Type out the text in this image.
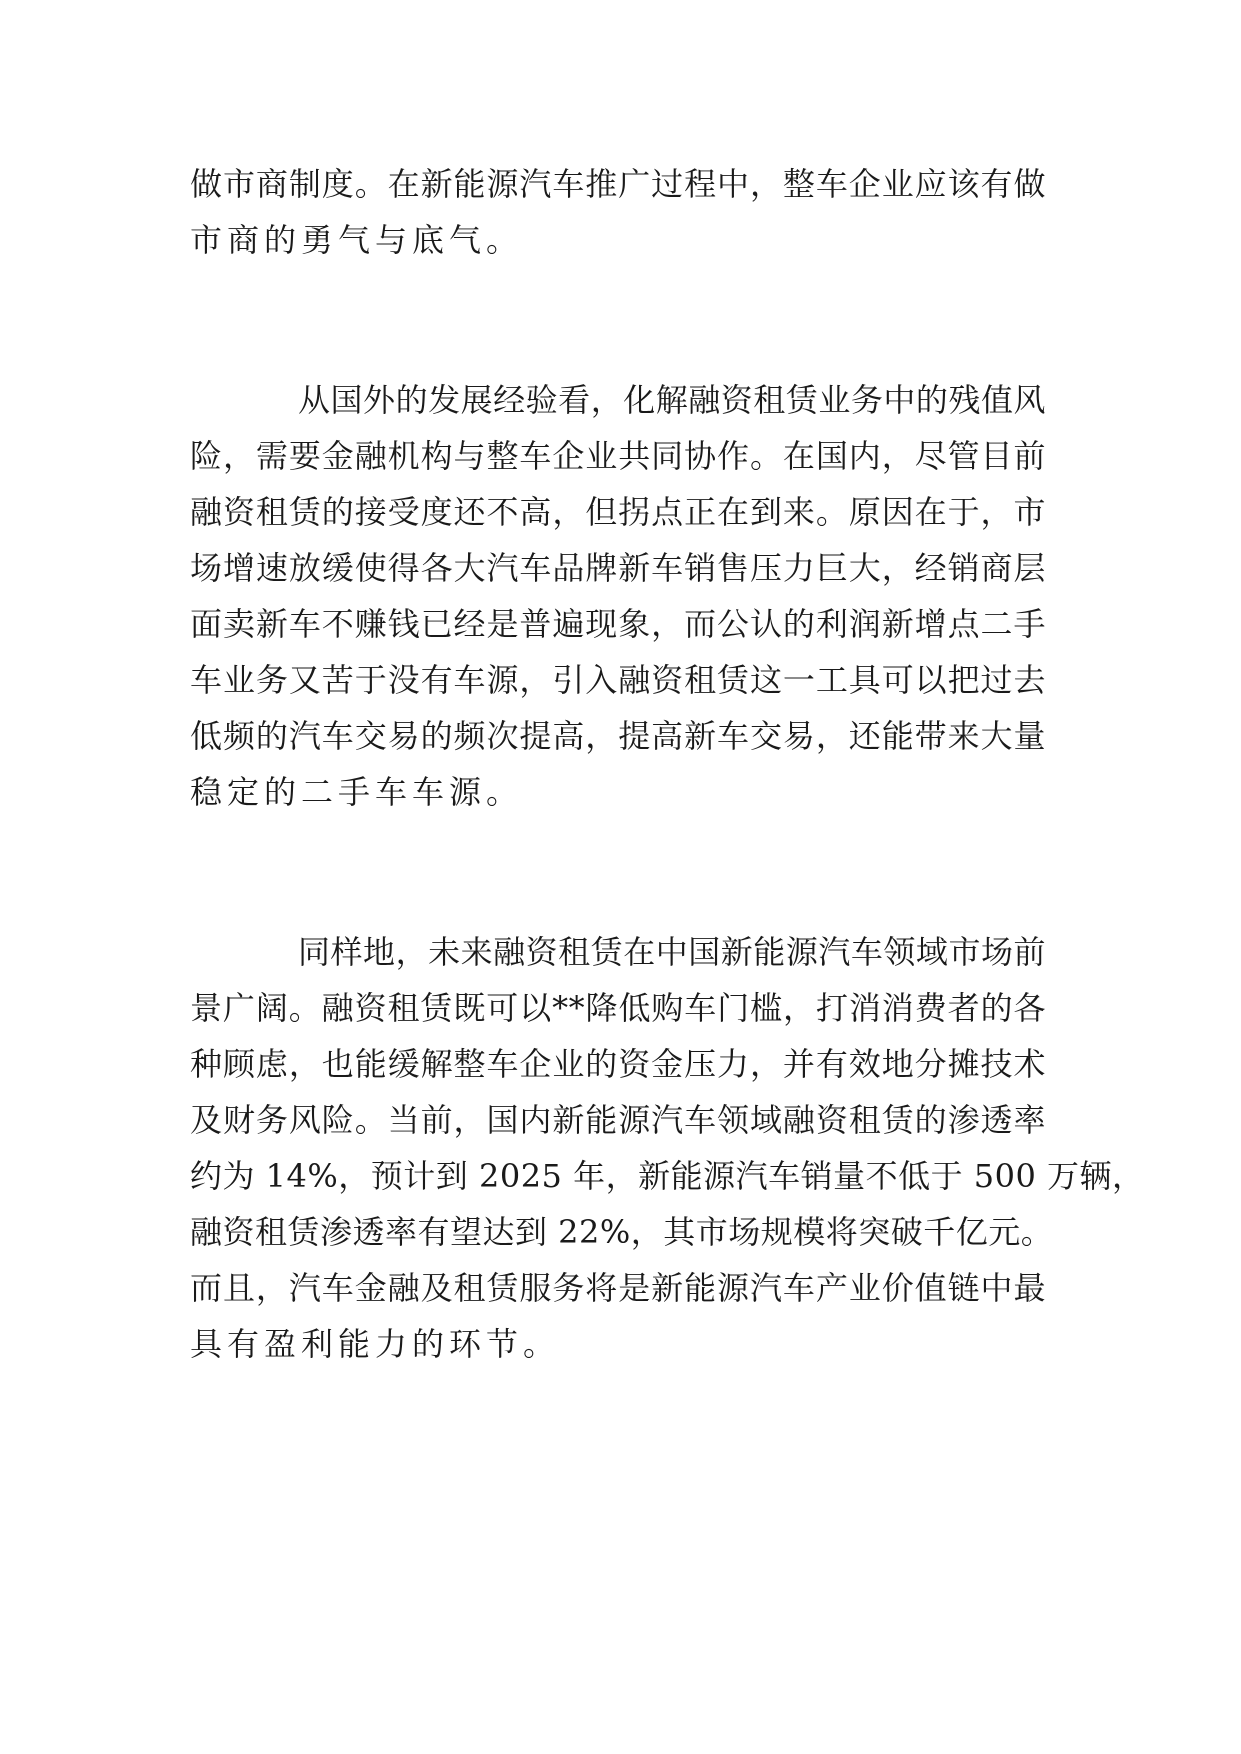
做市商制度。在新能源汽车推广过程中，整车企业应该有做
市商的勇气与底气。
从国外的发展经验看，化解融资租赁业务中的残值风
险，需要金融机构与整车企业共同协作。在国内，尽管目前
融资租赁的接受度还不高，但拐点正在到来。原因在于，市
场增速放缓使得各大汽车品牌新车销售压力巨大，经销商层
面卖新车不赚钱已经是普遍现象，而公认的利润新增点二手
车业务又苦于没有车源，引入融资租赁这一工具可以把过去
低频的汽车交易的频次提高，提高新车交易，还能带来大量
稳定的二手车车源。
同样地，未来融资租赁在中国新能源汽车领域市场前
景广阔。融资租赁既可以**降低购车门槛，打消消费者的各
种顾虑，也能缓解整车企业的资金压力，并有效地分摊技术
及财务风险。当前，国内新能源汽车领域融资租赁的渗透率
约为 14%，预计到 2025 年，新能源汽车销量不低于 500 万辆，
融资租赁渗透率有望达到 22%，其市场规模将突破千亿元。
而且，汽车金融及租赁服务将是新能源汽车产业价值链中最
具有盈利能力的环节。
